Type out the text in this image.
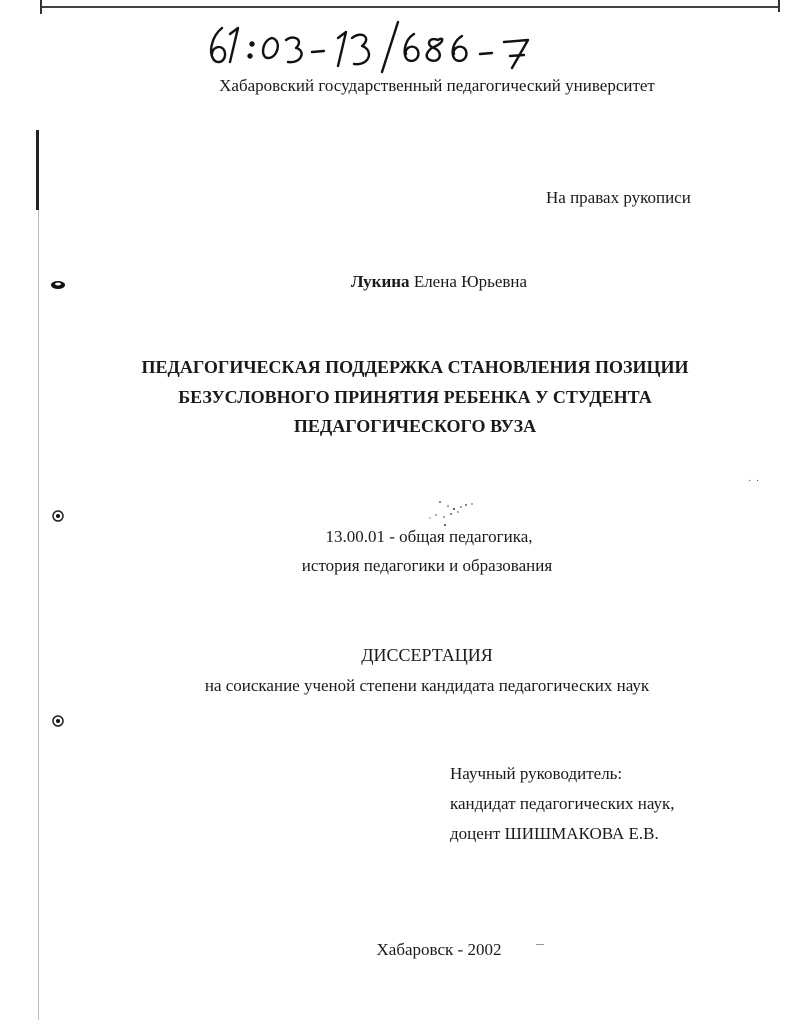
Хабаровский государственный педагогический университет
На правах рукописи
Лукина Елена Юрьевна
ПЕДАГОГИЧЕСКАЯ ПОДДЕРЖКА СТАНОВЛЕНИЯ ПОЗИЦИИ
БЕЗУСЛОВНОГО ПРИНЯТИЯ РЕБЕНКА У СТУДЕНТА
ПЕДАГОГИЧЕСКОГО ВУЗА
· ·
13.00.01 - общая педагогика,
история педагогики и образования
ДИССЕРТАЦИЯ
на соискание ученой степени кандидата педагогических наук
Научный руководитель:
кандидат педагогических наук,
доцент ШИШМАКОВА Е.В.
Хабаровск - 2002
